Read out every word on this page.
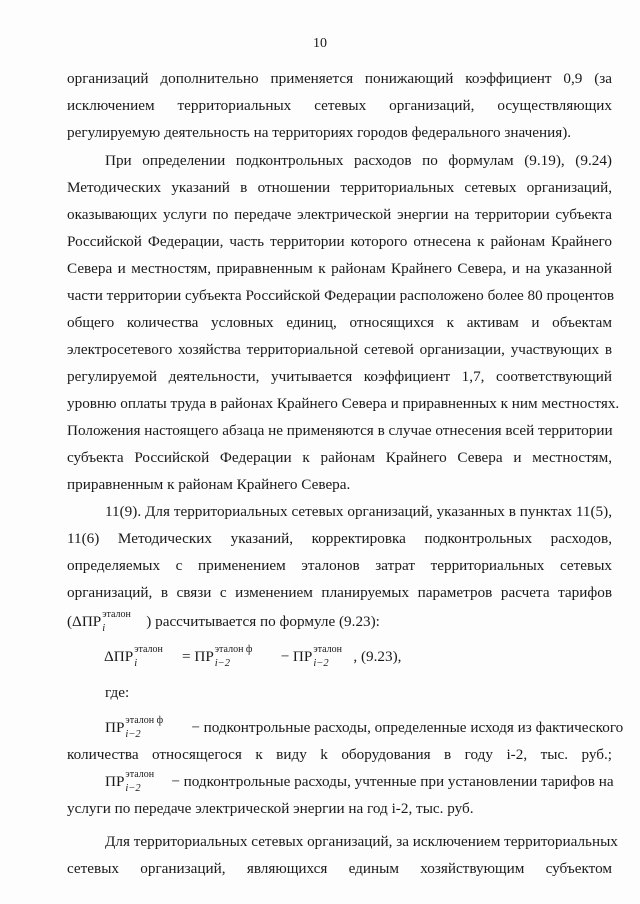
10
организаций дополнительно применяется понижающий коэффициент 0,9 (за
исключением территориальных сетевых организаций, осуществляющих
регулируемую деятельность на территориях городов федерального значения).
При определении подконтрольных расходов по формулам (9.19), (9.24)
Методических указаний в отношении территориальных сетевых организаций,
оказывающих услуги по передаче электрической энергии на территории субъекта
Российской Федерации, часть территории которого отнесена к районам Крайнего
Севера и местностям, приравненным к районам Крайнего Севера, и на указанной
части территории субъекта Российской Федерации расположено более 80 процентов
общего количества условных единиц, относящихся к активам и объектам
электросетевого хозяйства территориальной сетевой организации, участвующих в
регулируемой деятельности, учитывается коэффициент 1,7, соответствующий
уровню оплаты труда в районах Крайнего Севера и приравненных к ним местностях.
Положения настоящего абзаца не применяются в случае отнесения всей территории
субъекта Российской Федерации к районам Крайнего Севера и местностям,
приравненным к районам Крайнего Севера.
11(9). Для территориальных сетевых организаций, указанных в пунктах 11(5),
11(6) Методических указаний, корректировка подконтрольных расходов,
определяемых с применением эталонов затрат территориальных сетевых
организаций, в связи с изменением планируемых параметров расчета тарифов
(ΔПР эталон
i	) рассчитывается по формуле (9.23):
ΔПР эталон
i	= ПР эталон ф
i−2	− ПР эталон
i−2 , (9.23),
где:
ПР эталон ф
i−2	− подконтрольные расходы, определенные исходя из фактического
количества относящегося к виду k оборудования в году i-2, тыс. руб.;
ПР эталон
i−2 − подконтрольные расходы, учтенные при установлении тарифов на
услуги по передаче электрической энергии на год i-2, тыс. руб.
Для территориальных сетевых организаций, за исключением территориальных
сетевых организаций, являющихся единым хозяйствующим субъектом
